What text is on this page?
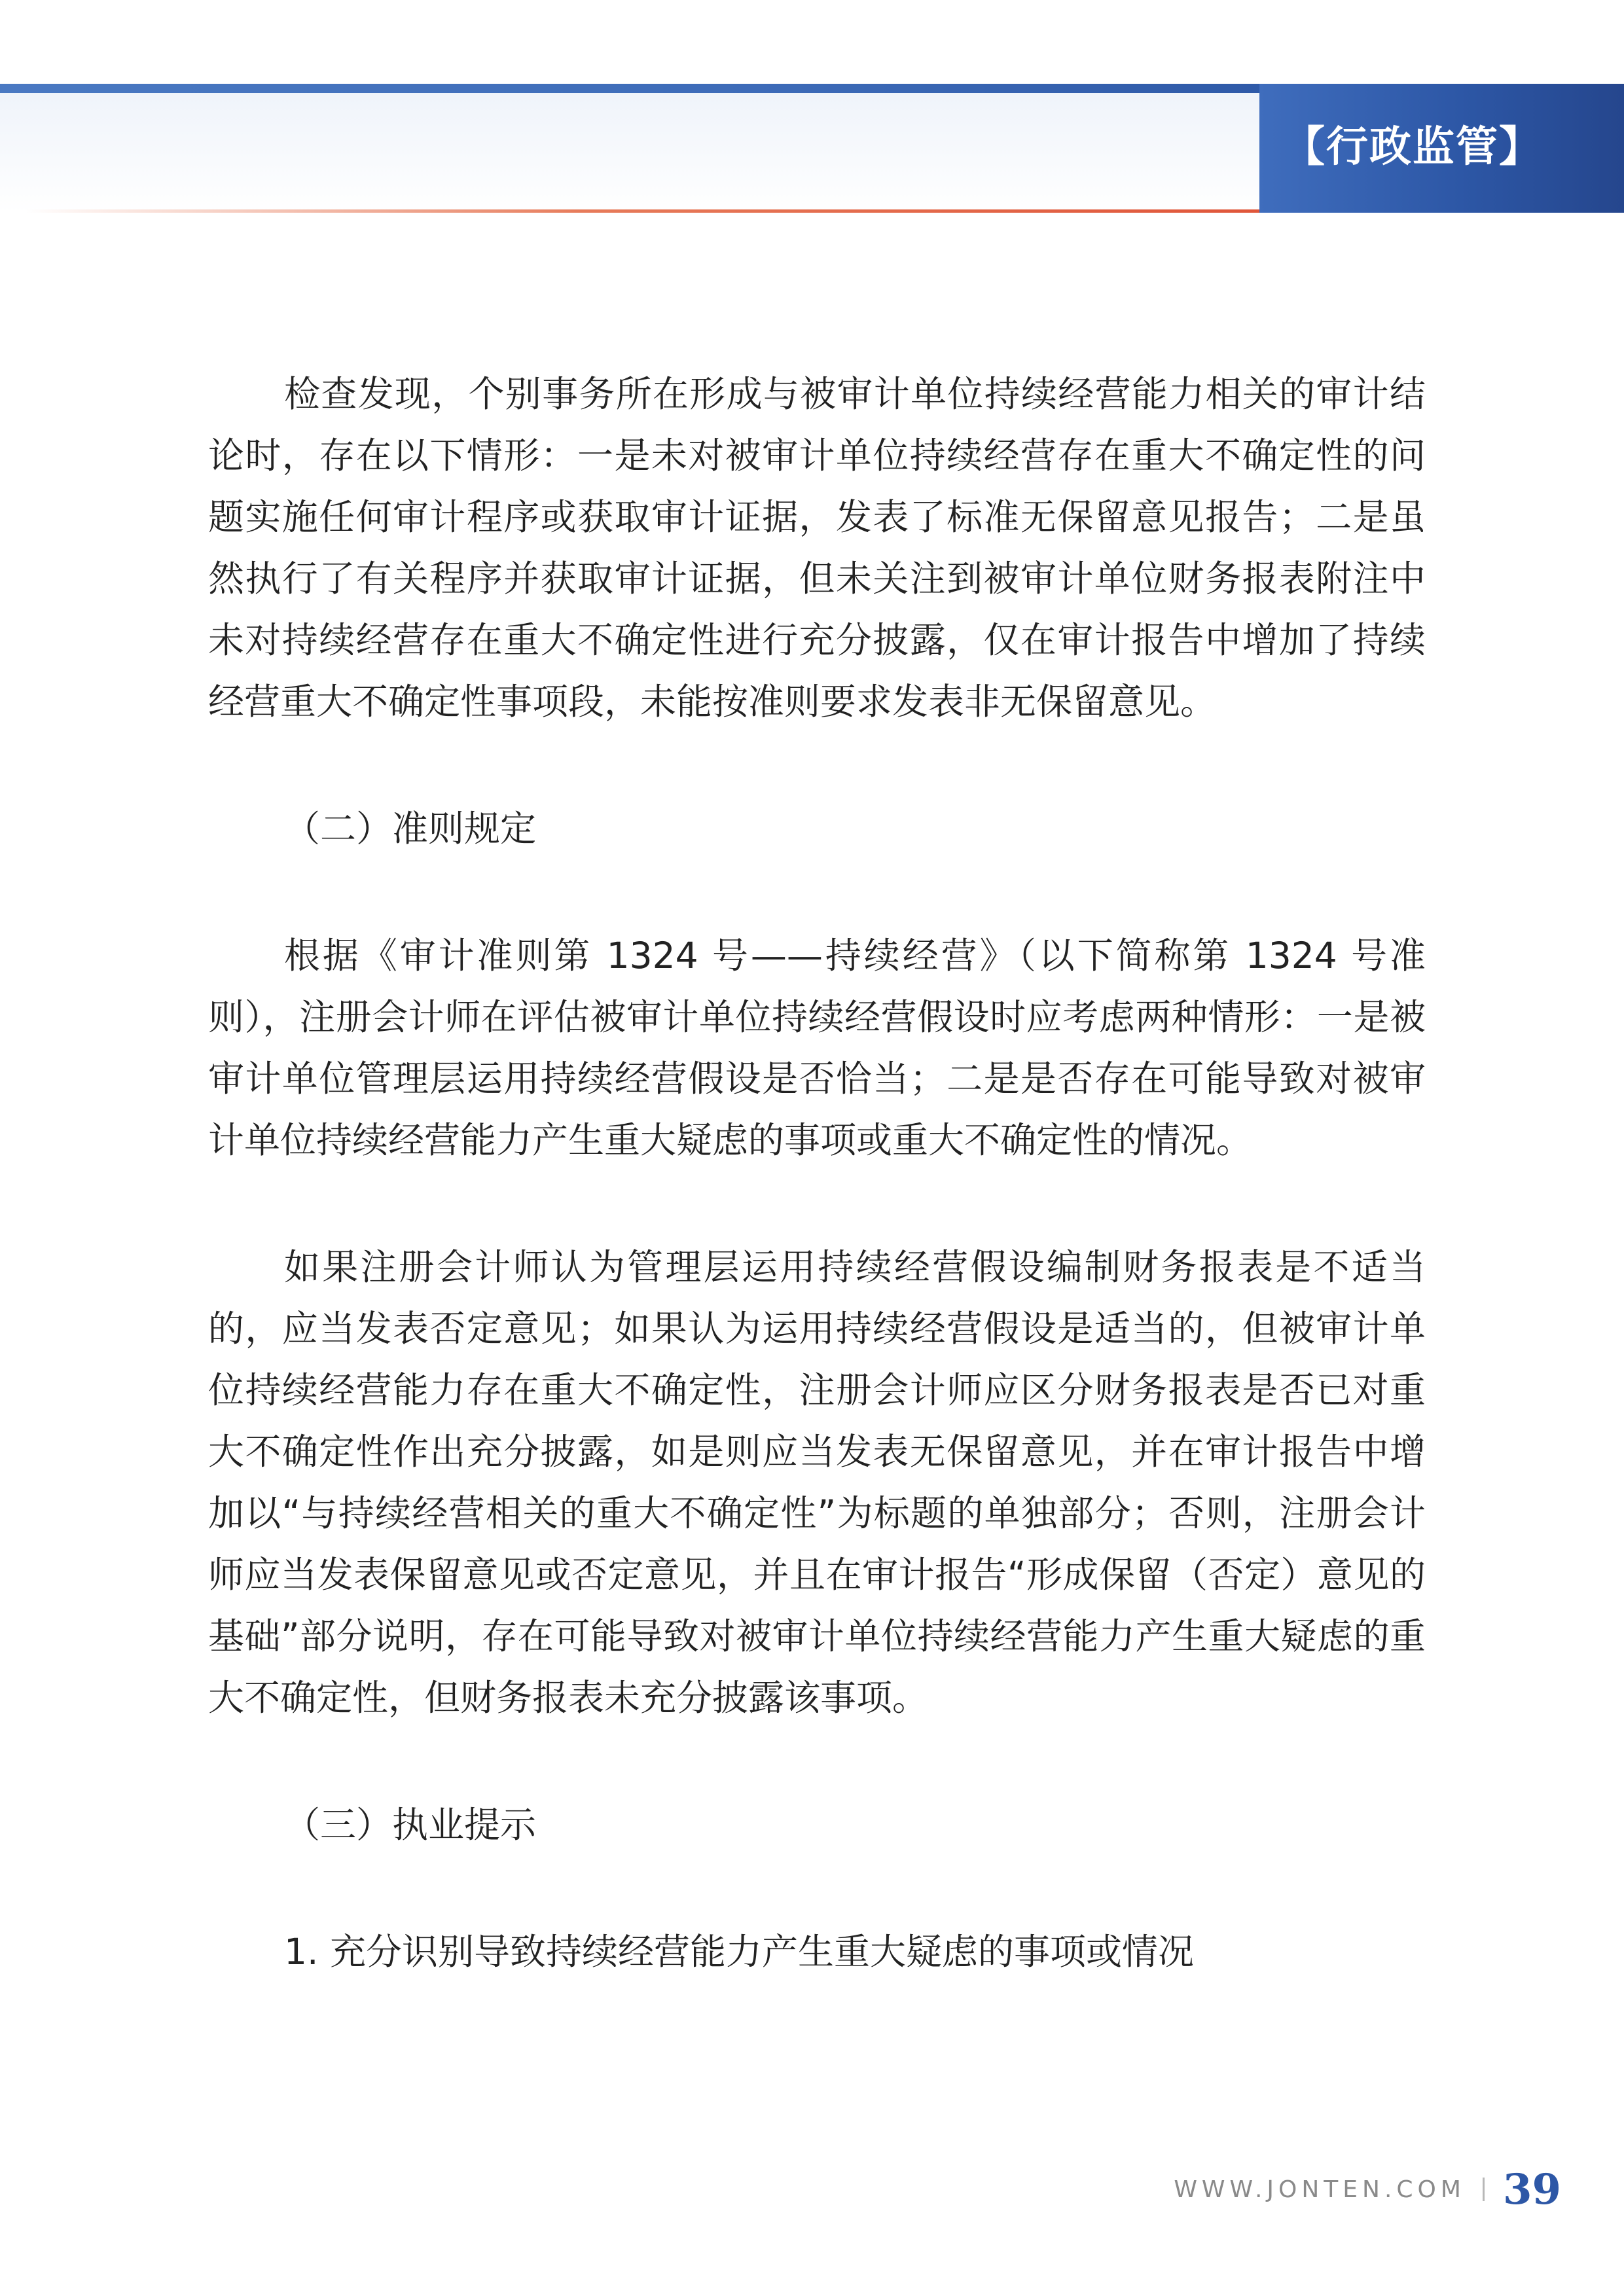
【行政监管】

检查发现，个别事务所在形成与被审计单位持续经营能力相关的审计结论时，存在以下情形：一是未对被审计单位持续经营存在重大不确定性的问题实施任何审计程序或获取审计证据，发表了标准无保留意见报告；二是虽然执行了有关程序并获取审计证据，但未关注到被审计单位财务报表附注中未对持续经营存在重大不确定性进行充分披露，仅在审计报告中增加了持续经营重大不确定性事项段，未能按准则要求发表非无保留意见。

（二）准则规定

根据《审计准则第 1324 号——持续经营》（以下简称第 1324 号准则），注册会计师在评估被审计单位持续经营假设时应考虑两种情形：一是被审计单位管理层运用持续经营假设是否恰当；二是是否存在可能导致对被审计单位持续经营能力产生重大疑虑的事项或重大不确定性的情况。

如果注册会计师认为管理层运用持续经营假设编制财务报表是不适当的，应当发表否定意见；如果认为运用持续经营假设是适当的，但被审计单位持续经营能力存在重大不确定性，注册会计师应区分财务报表是否已对重大不确定性作出充分披露，如是则应当发表无保留意见，并在审计报告中增加以“与持续经营相关的重大不确定性”为标题的单独部分；否则，注册会计师应当发表保留意见或否定意见，并且在审计报告“形成保留（否定）意见的基础”部分说明，存在可能导致对被审计单位持续经营能力产生重大疑虑的重大不确定性，但财务报表未充分披露该事项。

（三）执业提示

1. 充分识别导致持续经营能力产生重大疑虑的事项或情况

WWW.JONTEN.COM 39
